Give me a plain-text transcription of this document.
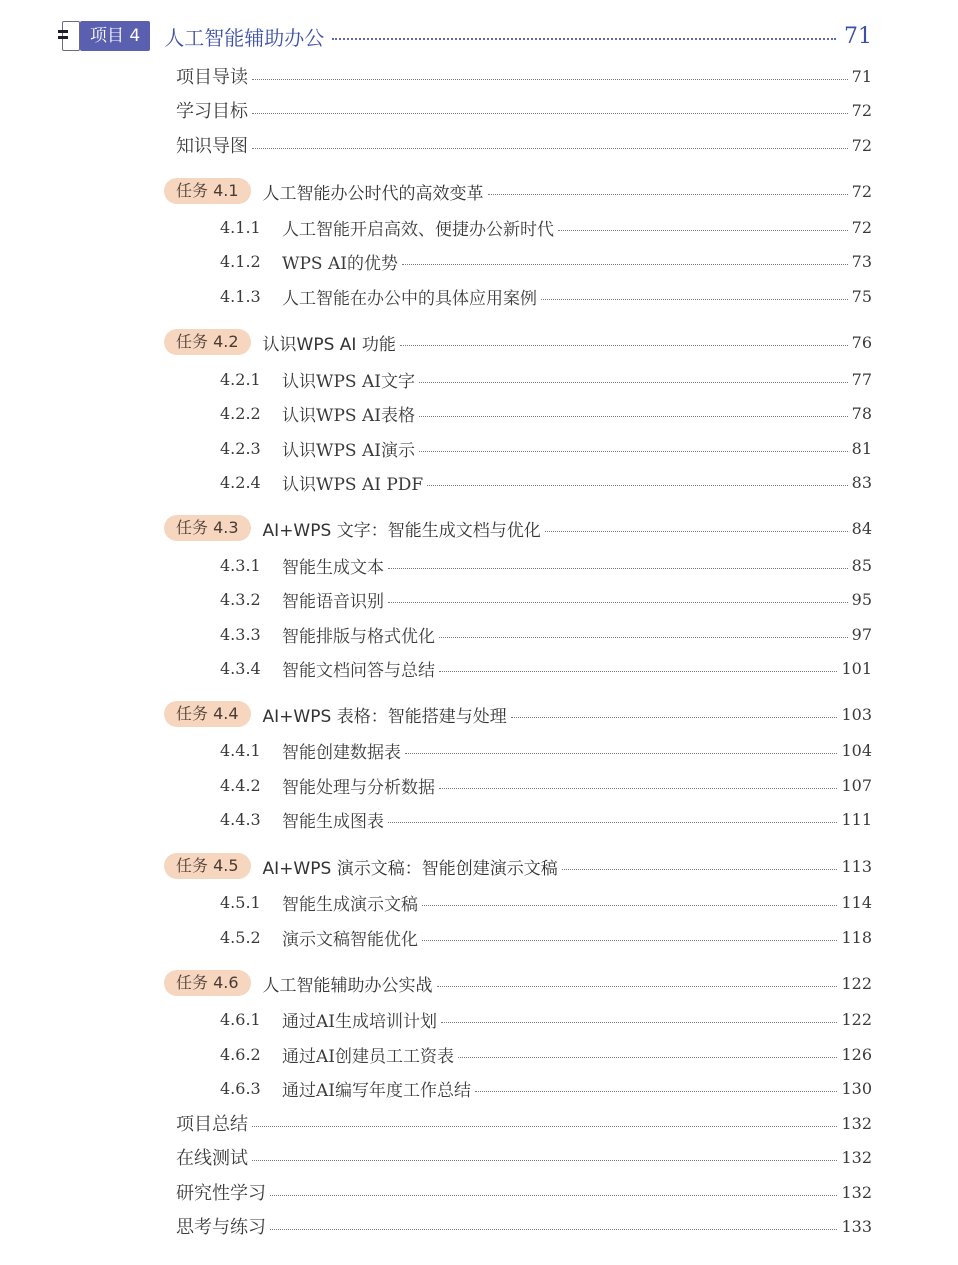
项目 4	人工智能辅助办公	71
项目导读	71
学习目标	72
知识导图	72
任务 4.1	人工智能办公时代的高效变革	72
4.1.1	人工智能开启高效、便捷办公新时代	72
4.1.2	WPS AI的优势	73
4.1.3	人工智能在办公中的具体应用案例	75
任务 4.2	认识WPS AI 功能	76
4.2.1	认识WPS AI文字	77
4.2.2	认识WPS AI表格	78
4.2.3	认识WPS AI演示	81
4.2.4	认识WPS AI PDF	83
任务 4.3	AI+WPS 文字：智能生成文档与优化	84
4.3.1	智能生成文本	85
4.3.2	智能语音识别	95
4.3.3	智能排版与格式优化	97
4.3.4	智能文档问答与总结	101
任务 4.4	AI+WPS 表格：智能搭建与处理	103
4.4.1	智能创建数据表	104
4.4.2	智能处理与分析数据	107
4.4.3	智能生成图表	111
任务 4.5	AI+WPS 演示文稿：智能创建演示文稿	113
4.5.1	智能生成演示文稿	114
4.5.2	演示文稿智能优化	118
任务 4.6	人工智能辅助办公实战	122
4.6.1	通过AI生成培训计划	122
4.6.2	通过AI创建员工工资表	126
4.6.3	通过AI编写年度工作总结	130
项目总结	132
在线测试	132
研究性学习	132
思考与练习	133
